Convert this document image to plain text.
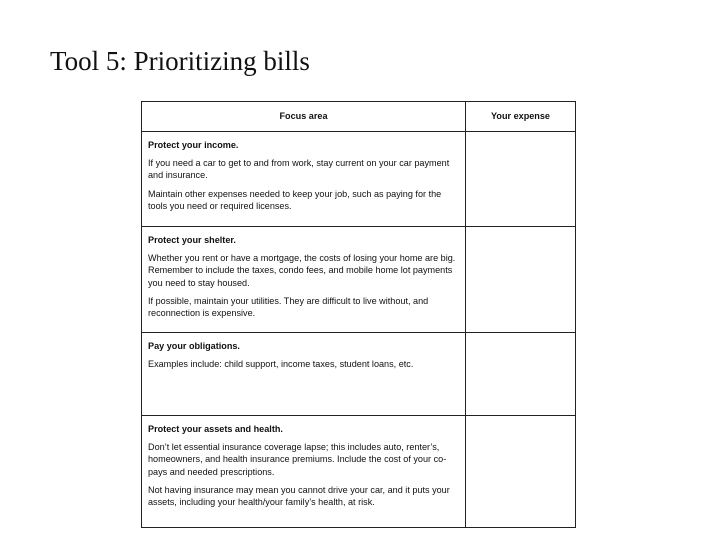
Tool 5: Prioritizing bills
Focus area	Your expense

Protect your income.
If you need a car to get to and from work, stay current on your car payment and insurance.
Maintain other expenses needed to keep your job, such as paying for the tools you need or required licenses.	

Protect your shelter.
Whether you rent or have a mortgage, the costs of losing your home are big. Remember to include the taxes, condo fees, and mobile home lot payments you need to stay housed.
If possible, maintain your utilities. They are difficult to live without, and reconnection is expensive.	

Pay your obligations.
Examples include: child support, income taxes, student loans, etc.	

Protect your assets and health.
Don’t let essential insurance coverage lapse; this includes auto, renter’s, homeowners, and health insurance premiums. Include the cost of your co-pays and needed prescriptions.
Not having insurance may mean you cannot drive your car, and it puts your assets, including your health/your family’s health, at risk.	
